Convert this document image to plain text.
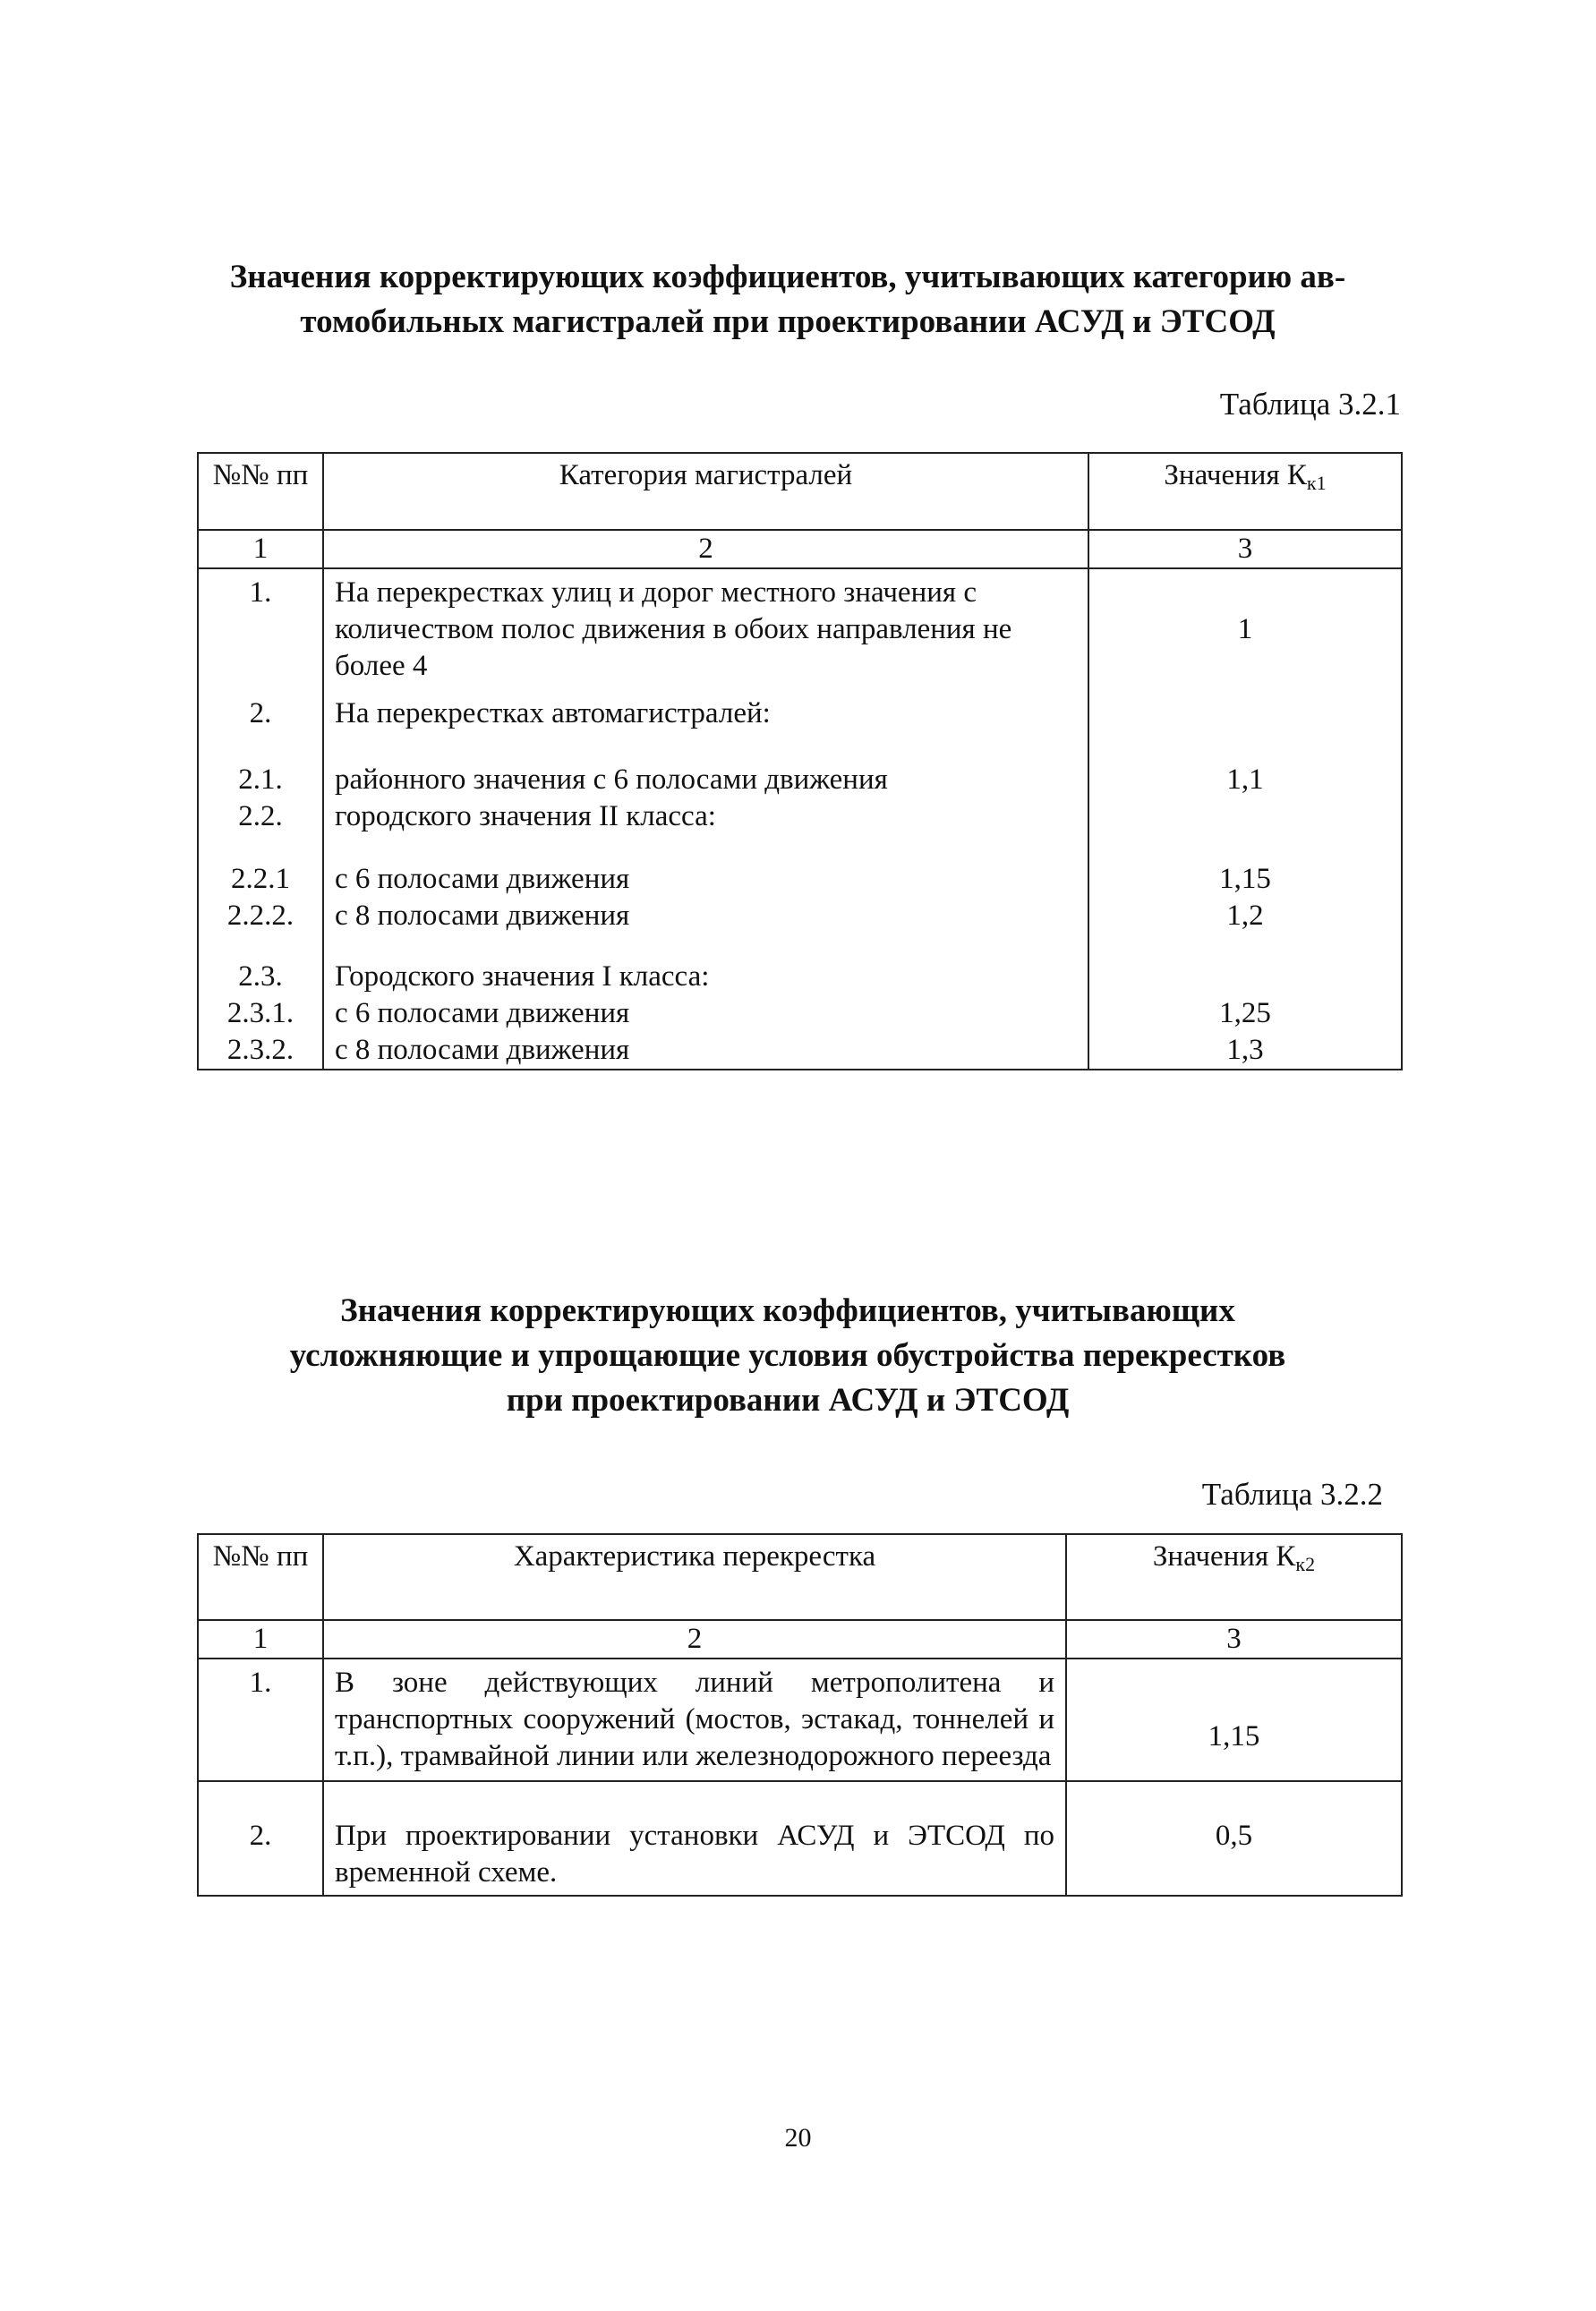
Значения корректирующих коэффициентов, учитывающих категорию ав-
томобильных магистралей при проектировании АСУД и ЭТСОД
Таблица 3.2.1
№№ пп	Категория магистралей	Значения $К_{к1}$
1	2	3
1.	На перекрестках улиц и дорог местного значения с количеством полос движения в обоих направления не более 4	1
2.	На перекрестках автомагистралей:	
2.1.	районного значения с 6 полосами движения	1,1
2.2.	городского значения II класса:	
2.2.1	с 6 полосами движения	1,15
2.2.2.	с 8 полосами движения	1,2
2.3.	Городского значения I класса:	
2.3.1.	с 6 полосами движения	1,25
2.3.2.	с 8 полосами движения	1,3
Значения корректирующих коэффициентов, учитывающих
усложняющие и упрощающие условия обустройства перекрестков
при проектировании АСУД и ЭТСОД
Таблица 3.2.2
№№ пп	Характеристика перекрестка	Значения $К_{к2}$
1	2	3
1.	В зоне действующих линий метрополитена и транспортных сооружений (мостов, эстакад, тоннелей и т.п.), трамвайной линии или железнодорожного переезда	1,15
2.	При проектировании установки АСУД и ЭТСОД по временной схеме.	0,5
20
